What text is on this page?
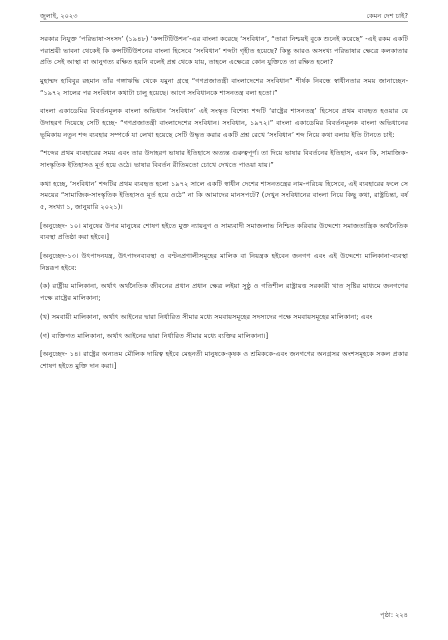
জুলাই, ২০২৩	কেমন দেশ চাই?

সরকার নিযুক্ত ‘পরিভাষা-সংসদ’ (১৯৪৮) ‘কন্সটিটিউশন’-এর বাংলা করেছে ‘সংবিধান’, “তারা নিশ্চয়ই বুকে শুনেই করেছে” -এই রকম একটি পরাশ্রয়ী ভাবনা থেকেই কি কন্সটিটিউশনের বাংলা হিসেবে ‘সংবিধান’ শব্দটা গৃহীত হয়েছে? কিন্তু আরও অসংখ্য পরিভাষার ক্ষেত্রে কলকাতার প্রতি সেই আস্থা বা আনুগত্য রক্ষিত হয়নি বলেই প্রশ্ন থেকে যায়, তাহলে এক্ষেত্রে কোন যুক্তিতে তা রক্ষিত হলো?

মুহাম্মদ হাবিবুর রহমান তাঁর গঙ্গাঋদ্ধি থেকে যমুনা গ্রন্থে “গণপ্রজাতন্ত্রী বাংলাদেশের সংবিধান” শীর্ষক নিবন্ধে স্বাধীনতার সময় জানাচ্ছেন- “১৯৭২ সালের পর সংবিধান কথাটা চালু হয়েছে। আগে সংবিধানকে শাসনতন্ত্র বলা হতো।”

বাংলা একাডেমির বিবর্তনমূলক বাংলা অভিধান ‘সংবিধান’ এই সংস্কৃত বিশেষ্য শব্দটি ‘রাষ্ট্রের শাসনতন্ত্র’ হিসেবে প্রথম ব্যবহৃত হওয়ার যে উদাহরণ দিয়েছে সেটি হচ্ছে- “গণপ্রজাতন্ত্রী বাংলাদেশের সংবিধান। সংবিধান, ১৯৭২।” বাংলা একাডেমির বিবর্তনমূলক বাংলা অভিধানের ভূমিকায় নতুন শব্দ ব্যবহার সম্পর্কে যা লেখা হয়েছে সেটি উদ্ধৃত করার একটি প্রশ্ন রেখে ‘সংবিধান’ শব্দ নিয়ে কথা বলায় ইতি টানতে চাই:

“শব্দের প্রথম ব্যবহারের সময় এবং তার উদাহরণ ভাষার ইতিহাসে অত্যন্ত গুরুত্বপূর্ণ। তা দিয়ে ভাষার বিবর্তনের ইতিহাস, এমন কি, সামাজিক-সাংস্কৃতিক ইতিহাসও মূর্ত হয়ে ওঠে। ভাষার বিবর্তন রীতিমতো চোখে দেখতে পাওয়া যায়।”

কথা হচ্ছে, ‘সংবিধান’ শব্দটির প্রথম ব্যবহৃত হলো ১৯৭২ সালে একটি স্বাধীন দেশের শাসনতন্ত্রের নাম-পরিচয় হিসেবে, এই ব্যবহারের ফলে সে সময়ের “সামাজিক-সাংস্কৃতিক ইতিহাসও মূর্ত হয়ে ওঠে” না কি আমাদের মানসপটে? (দেখুন সংবিধানের বাংলা নিয়ে কিছু কথা, রাষ্ট্রচিন্তা, বর্ষ ৫, সংখ্যা ১, জানুয়ারি ২০২১)।

[অনুচ্ছেদ- ১০। মানুষের উপর মানুষের শোষণ হইতে মুক্ত ন্যায়নুগ ও সাম্যবাদী সমাজলাভ নিশ্চিত করিবার উদ্দেশ্যে সমাজতান্ত্রিক অর্থনৈতিক ব্যবস্থা প্রতিষ্ঠা করা হইবে।]

[অনুচ্ছেদ-১৩। উৎপাদনযন্ত্র, উৎপাদনব্যবস্থা ও বণ্টনপ্রণালীসমূহের মালিক বা নিয়ন্ত্রক হইবেন জনগণ এবং এই উদ্দেশ্যে মালিকানা-ব্যবস্থা নিম্নরূপ হইবে:

(ক) রাষ্ট্রীয় মালিকানা, অর্থাৎ অর্থনৈতিক জীবনের প্রধান প্রধান ক্ষেত্র লইয়া সুষ্ঠু ও গতিশীল রাষ্ট্রায়ত্ত সরকারী খাত সৃষ্টির মাধ্যমে জনগণের পক্ষে রাষ্ট্রের মালিকানা;

(খ) সমবায়ী মালিকানা, অর্থাৎ আইনের দ্বারা নির্ধারিত সীমার মধ্যে সমবায়সমূহের সদস্যদের পক্ষে সমবায়সমূহের মালিকানা; এবং

(গ) ব্যক্তিগত মালিকানা, অর্থাৎ আইনের দ্বারা নির্ধারিত সীমার মধ্যে ব্যক্তির মালিকানা।]

[অনুচ্ছেদ- ১৪। রাষ্ট্রের অন্যতম মৌলিক দায়িত্ব হইবে মেহনতী মানুষকে-কৃষক ও শ্রমিককে-এবং জনগণের অনগ্রসর অংশসমূহকে সকল প্রকার শোষণ হইতে মুক্তি দান করা।]

পৃষ্ঠা: ২২৪
